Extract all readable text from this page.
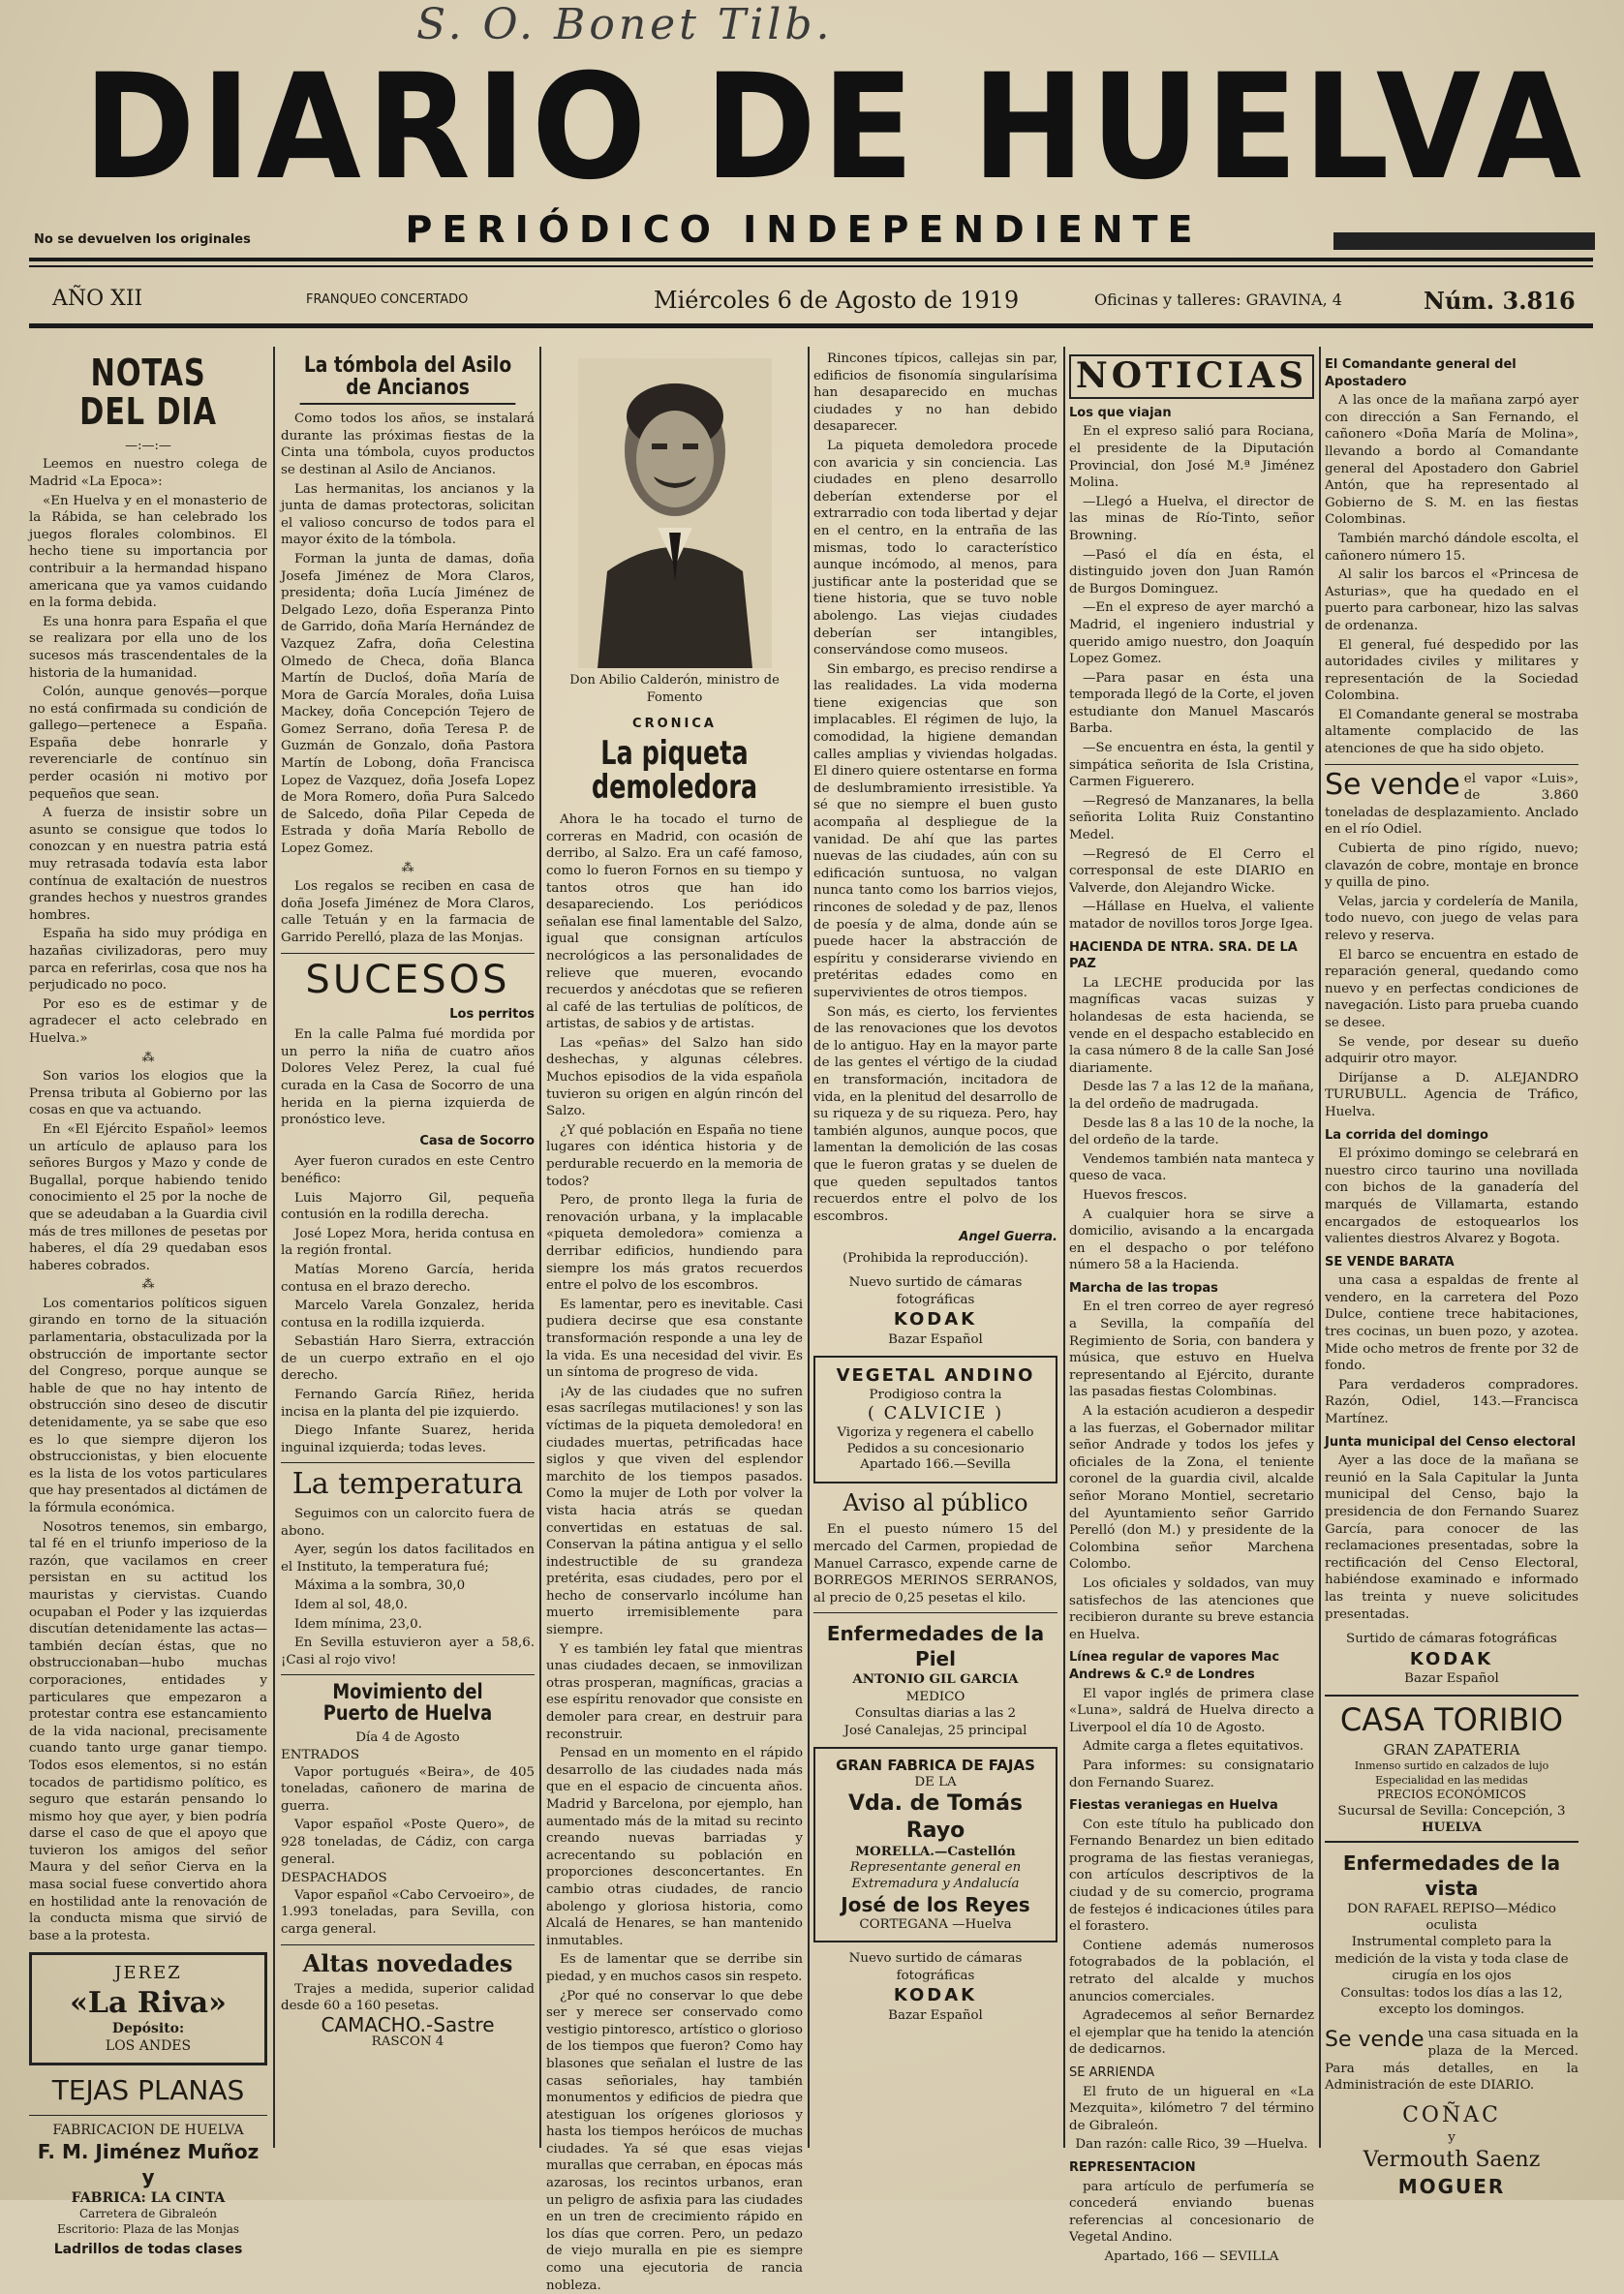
S. O. Bonet Tilb.
DIARIO DE HUELVA
No se devuelven los originales	PERIÓDICO INDEPENDIENTE
AÑO XII	FRANQUEO CONCERTADO	Miércoles 6 de Agosto de 1919	Oficinas y talleres: GRAVINA, 4	Núm. 3.816
NOTAS DEL DIA
—:—:—

Leemos en nuestro colega de Madrid «La Epoca»:

«En Huelva y en el monasterio de la Rábida, se han celebrado los juegos florales colombinos. El hecho tiene su importancia por contribuir a la hermandad hispano americana que ya vamos cuidando en la forma debida.

Es una honra para España el que se realizara por ella uno de los sucesos más trascendentales de la historia de la humanidad.

Colón, aunque genovés—porque no está confirmada su condición de gallego—pertenece a España. España debe honrarle y reverenciarle de contínuo sin perder ocasión ni motivo por pequeños que sean.

A fuerza de insistir sobre un asunto se consigue que todos lo conozcan y en nuestra patria está muy retrasada todavía esta labor contínua de exaltación de nuestros grandes hechos y nuestros grandes hombres.

España ha sido muy pródiga en hazañas civilizadoras, pero muy parca en referirlas, cosa que nos ha perjudicado no poco.

Por eso es de estimar y de agradecer el acto celebrado en Huelva.»

⁂

Son varios los elogios que la Prensa tributa al Gobierno por las cosas en que va actuando.

En «El Ejército Español» leemos un artículo de aplauso para los señores Burgos y Mazo y conde de Bugallal, porque habiendo tenido conocimiento el 25 por la noche de que se adeudaban a la Guardia civil más de tres millones de pesetas por haberes, el día 29 quedaban esos haberes cobrados.

⁂

Los comentarios políticos siguen girando en torno de la situación parlamentaria, obstaculizada por la obstrucción de importante sector del Congreso, porque aunque se hable de que no hay intento de obstrucción sino deseo de discutir detenidamente, ya se sabe que eso es lo que siempre dijeron los obstruccionistas, y bien elocuente es la lista de los votos particulares que hay presentados al dictámen de la fórmula económica.

Nosotros tenemos, sin embargo, tal fé en el triunfo imperioso de la razón, que vacilamos en creer persistan en su actitud los mauristas y ciervistas. Cuando ocupaban el Poder y las izquierdas discutían detenidamente las actas—también decían éstas, que no obstruccionaban—hubo muchas corporaciones, entidades y particulares que empezaron a protestar contra ese estancamiento de la vida nacional, precisamente cuando tanto urge ganar tiempo. Todos esos elementos, si no están tocados de partidismo político, es seguro que estarán pensando lo mismo hoy que ayer, y bien podría darse el caso de que el apoyo que tuvieron los amigos del señor Maura y del señor Cierva en la masa social fuese convertido ahora en hostilidad ante la renovación de la conducta misma que sirvió de base a la protesta.

JEREZ
«La Riva»
Depósito:
LOS ANDES
TEJAS PLANAS
FABRICACION DE HUELVA
F. M. Jiménez Muñoz y
FABRICA: LA CINTA
Carretera de Gibraleón
Escritorio: Plaza de las Monjas
Ladrillos de todas clases
La tómbola del Asilo de Ancianos

Como todos los años, se instalará durante las próximas fiestas de la Cinta una tómbola, cuyos productos se destinan al Asilo de Ancianos.

Las hermanitas, los ancianos y la junta de damas protectoras, solicitan el valioso concurso de todos para el mayor éxito de la tómbola.

Forman la junta de damas, doña Josefa Jiménez de Mora Claros, presidenta; doña Lucía Jiménez de Delgado Lezo, doña Esperanza Pinto de Garrido, doña María Hernández de Vazquez Zafra, doña Celestina Olmedo de Checa, doña Blanca Martín de Ducloś, doña María de Mora de García Morales, doña Luisa Mackey, doña Concepción Tejero de Gomez Serrano, doña Teresa P. de Guzmán de Gonzalo, doña Pastora Martín de Lobong, doña Francisca Lopez de Vazquez, doña Josefa Lopez de Mora Romero, doña Pura Salcedo de Salcedo, doña Pilar Cepeda de Estrada y doña María Rebollo de Lopez Gomez.

⁂

Los regalos se reciben en casa de doña Josefa Jiménez de Mora Claros, calle Tetuán y en la farmacia de Garrido Perelló, plaza de las Monjas.

SUCESOS
Los perritos

En la calle Palma fué mordida por un perro la niña de cuatro años Dolores Velez Perez, la cual fué curada en la Casa de Socorro de una herida en la pierna izquierda de pronóstico leve.

Casa de Socorro

Ayer fueron curados en este Centro benéfico:

Luis Majorro Gil, pequeña contusión en la rodilla derecha.

José Lopez Mora, herida contusa en la región frontal.

Matías Moreno García, herida contusa en el brazo derecho.

Marcelo Varela Gonzalez, herida contusa en la rodilla izquierda.

Sebastián Haro Sierra, extracción de un cuerpo extraño en el ojo derecho.

Fernando García Riñez, herida incisa en la planta del pie izquierdo.

Diego Infante Suarez, herida inguinal izquierda; todas leves.

La temperatura

Seguimos con un calorcito fuera de abono.

Ayer, según los datos facilitados en el Instituto, la temperatura fué;

Máxima a la sombra, 30,0

Idem al sol, 48,0.

Idem mínima, 23,0.

En Sevilla estuvieron ayer a 58,6. ¡Casi al rojo vivo!

Movimiento del Puerto de Huelva
Día 4 de Agosto
ENTRADOS

Vapor portugués «Beira», de 405 toneladas, cañonero de marina de guerra.

Vapor español «Poste Quero», de 928 toneladas, de Cádiz, con carga general.

DESPACHADOS

Vapor español «Cabo Cervoeiro», de 1.993 toneladas, para Sevilla, con carga general.

Altas novedades

Trajes a medida, superior calidad desde 60 a 160 pesetas.

CAMACHO.-Sastre
RASCON 4
Don Abilio Calderón, ministro de Fomento
CRONICA
La piqueta demoledora

Ahora le ha tocado el turno de correras en Madrid, con ocasión de derribo, al Salzo. Era un café famoso, como lo fueron Fornos en su tiempo y tantos otros que han ido desapareciendo. Los periódicos señalan ese final lamentable del Salzo, igual que consignan artículos necrológicos a las personalidades de relieve que mueren, evocando recuerdos y anécdotas que se refieren al café de las tertulias de políticos, de artistas, de sabios y de artistas.

Las «peñas» del Salzo han sido deshechas, y algunas célebres. Muchos episodios de la vida española tuvieron su origen en algún rincón del Salzo.

¿Y qué población en España no tiene lugares con idéntica historia y de perdurable recuerdo en la memoria de todos?

Pero, de pronto llega la furia de renovación urbana, y la implacable «piqueta demoledora» comienza a derribar edificios, hundiendo para siempre los más gratos recuerdos entre el polvo de los escombros.

Es lamentar, pero es inevitable. Casi pudiera decirse que esa constante transformación responde a una ley de la vida. Es una necesidad del vivir. Es un síntoma de progreso de vida.

¡Ay de las ciudades que no sufren esas sacrílegas mutilaciones! y son las víctimas de la piqueta demoledora! en ciudades muertas, petrificadas hace siglos y que viven del esplendor marchito de los tiempos pasados. Como la mujer de Loth por volver la vista hacia atrás se quedan convertidas en estatuas de sal. Conservan la pátina antigua y el sello indestructible de su grandeza pretérita, esas ciudades, pero por el hecho de conservarlo incólume han muerto irremisiblemente para siempre.

Y es también ley fatal que mientras unas ciudades decaen, se inmovilizan otras prosperan, magníficas, gracias a ese espíritu renovador que consiste en demoler para crear, en destruir para reconstruir.

Pensad en un momento en el rápido desarrollo de las ciudades nada más que en el espacio de cincuenta años. Madrid y Barcelona, por ejemplo, han aumentado más de la mitad su recinto creando nuevas barriadas y acrecentando su población en proporciones desconcertantes. En cambio otras ciudades, de rancio abolengo y gloriosa historia, como Alcalá de Henares, se han mantenido inmutables.

Es de lamentar que se derribe sin piedad, y en muchos casos sin respeto.

¿Por qué no conservar lo que debe ser y merece ser conservado como vestigio pintoresco, artístico o glorioso de los tiempos que fueron? Como hay blasones que señalan el lustre de las casas señoriales, hay también monumentos y edificios de piedra que atestiguan los orígenes gloriosos y hasta los tiempos heróicos de muchas ciudades. Ya sé que esas viejas murallas que cerraban, en épocas más azarosas, los recintos urbanos, eran un peligro de asfixia para las ciudades en un tren de crecimiento rápido en los días que corren. Pero, un pedazo de viejo muralla en pie es siempre como una ejecutoria de rancia nobleza.

Rincones típicos, callejas sin par, edificios de fisonomía singularísima han desaparecido en muchas ciudades y no han debido desaparecer.

La piqueta demoledora procede con avaricia y sin conciencia. Las ciudades en pleno desarrollo deberían extenderse por el extrarradio con toda libertad y dejar en el centro, en la entraña de las mismas, todo lo característico aunque incómodo, al menos, para justificar ante la posteridad que se tiene historia, que se tuvo noble abolengo. Las viejas ciudades deberían ser intangibles, conservándose como museos.

Sin embargo, es preciso rendirse a las realidades. La vida moderna tiene exigencias que son implacables. El régimen de lujo, la comodidad, la higiene demandan calles amplias y viviendas holgadas. El dinero quiere ostentarse en forma de deslumbramiento irresistible. Ya sé que no siempre el buen gusto acompaña al despliegue de la vanidad. De ahí que las partes nuevas de las ciudades, aún con su edificación suntuosa, no valgan nunca tanto como los barrios viejos, rincones de soledad y de paz, llenos de poesía y de alma, donde aún se puede hacer la abstracción de espíritu y considerarse viviendo en pretéritas edades como en supervivientes de otros tiempos.

Son más, es cierto, los fervientes de las renovaciones que los devotos de lo antiguo. Hay en la mayor parte de las gentes el vértigo de la ciudad en transformación, incitadora de vida, en la plenitud del desarrollo de su riqueza y de su riqueza. Pero, hay también algunos, aunque pocos, que lamentan la demolición de las cosas que le fueron gratas y se duelen de que queden sepultados tantos recuerdos entre el polvo de los escombros.

Angel Guerra.
(Prohibida la reproducción).
Nuevo surtido de cámaras fotográficas
KODAK
Bazar Español
VEGETAL ANDINO
Prodigioso contra la
( CALVICIE )
Vigoriza y regenera el cabello
Pedidos a su concesionario
Apartado 166.—Sevilla
Aviso al público

En el puesto número 15 del mercado del Carmen, propiedad de Manuel Carrasco, expende carne de BORREGOS MERINOS SERRANOS, al precio de 0,25 pesetas el kilo.

Enfermedades de la Piel
ANTONIO GIL GARCIA
MEDICO
Consultas diarias a las 2
José Canalejas, 25 principal
GRAN FABRICA DE FAJAS
DE LA
Vda. de Tomás Rayo
MORELLA.—Castellón
Representante general en Extremadura y Andalucía
José de los Reyes
CORTEGANA —Huelva
Nuevo surtido de cámaras fotográficas
KODAK
Bazar Español
NOTICIAS
Los que viajan

En el expreso salió para Rociana, el presidente de la Diputación Provincial, don José M.ª Jiménez Molina.

—Llegó a Huelva, el director de las minas de Río-Tinto, señor Browning.

—Pasó el día en ésta, el distinguido joven don Juan Ramón de Burgos Dominguez.

—En el expreso de ayer marchó a Madrid, el ingeniero industrial y querido amigo nuestro, don Joaquín Lopez Gomez.

—Para pasar en ésta una temporada llegó de la Corte, el joven estudiante don Manuel Mascarós Barba.

—Se encuentra en ésta, la gentil y simpática señorita de Isla Cristina, Carmen Figuerero.

—Regresó de Manzanares, la bella señorita Lolita Ruiz Constantino Medel.

—Regresó de El Cerro el corresponsal de este DIARIO en Valverde, don Alejandro Wicke.

—Hállase en Huelva, el valiente matador de novillos toros Jorge Igea.

HACIENDA DE NTRA. SRA. DE LA PAZ

La LECHE producida por las magníficas vacas suizas y holandesas de esta hacienda, se vende en el despacho establecido en la casa número 8 de la calle San José diariamente.

Desde las 7 a las 12 de la mañana, la del ordeño de madrugada.

Desde las 8 a las 10 de la noche, la del ordeño de la tarde.

Vendemos también nata mantecа y queso de vaca.

Huevos frescos.

A cualquier hora se sirve a domicilio, avisando a la encargada en el despacho o por teléfono número 58 a la Hacienda.

Marcha de las tropas

En el tren correo de ayer regresó a Sevilla, la compañía del Regimiento de Soria, con bandera y música, que estuvo en Huelva representando al Ejército, durante las pasadas fiestas Colombinas.

A la estación acudieron a despedir a las fuerzas, el Gobernador militar señor Andrade y todos los jefes y oficiales de la Zona, el teniente coronel de la guardia civil, alcalde señor Morano Montiel, secretario del Ayuntamiento señor Garrido Perelló (don M.) y presidente de la Colombina señor Marchena Colombo.

Los oficiales y soldados, van muy satisfechos de las atenciones que recibieron durante su breve estancia en Huelva.

Línea regular de vapores Mac Andrews & C.º de Londres

El vapor inglés de primera clase «Luna», saldrá de Huelva directo a Liverpool el día 10 de Agosto.

Admite carga a fletes equitativos.

Para informes: su consignatario don Fernando Suarez.

Fiestas veraniegas en Huelva

Con este título ha publicado don Fernando Benardez un bien editado programa de las fiestas veraniegas, con artículos descriptivos de la ciudad y de su comercio, programa de festejos é indicaciones útiles para el forastero.

Contiene además numerosos fotograbados de la población, el retrato del alcalde y muchos anuncios comerciales.

Agradecemos al señor Bernardez el ejemplar que ha tenido la atención de dedicarnos.

SE ARRIENDA

El fruto de un higueral en «La Mezquita», kilómetro 7 del término de Gibraleón.

Dan razón: calle Rico, 39 —Huelva.
REPRESENTACION

para artículo de perfumería se concederá enviando buenas referencias al concesionario de Vegetal Andino.

Apartado, 166 — SEVILLA
El Comandante general del Apostadero

A las once de la mañana zarpó ayer con dirección a San Fernando, el cañonero «Doña María de Molina», llevando a bordo al Comandante general del Apostadero don Gabriel Antón, que ha representado al Gobierno de S. M. en las fiestas Colombinas.

También marchó dándole escolta, el cañonero número 15.

Al salir los barcos el «Princesa de Asturias», que ha quedado en el puerto para carbonear, hizo las salvas de ordenanza.

El general, fué despedido por las autoridades civiles y militares y representación de la Sociedad Colombina.

El Comandante general se mostraba altamente complacido de las atenciones de que ha sido objeto.

Se vende el vapor «Luis», de 3.860 toneladas de desplazamiento. Anclado en el río Odiel.

Cubierta de pino rígido, nuevo; clavazón de cobre, montaje en bronce y quilla de pino.

Velas, jarcia y cordelería de Manila, todo nuevo, con juego de velas para relevo y reserva.

El barco se encuentra en estado de reparación general, quedando como nuevo y en perfectas condiciones de navegación. Listo para prueba cuando se desee.

Se vende, por desear su dueño adquirir otro mayor.

Diríjanse a D. ALEJANDRO TURUBULL. Agencia de Tráfico, Huelva.

La corrida del domingo

El próximo domingo se celebrará en nuestro circo taurino una novillada con bichos de la ganadería del marqués de Villamarta, estando encargados de estoquearlos los valientes diestros Alvarez y Bogota.

SE VENDE BARATA

una casa a espaldas de frente al vendero, en la carretera del Pozo Dulce, contiene trece habitaciones, tres cocinas, un buen pozo, y azotea. Mide ocho metros de frente por 32 de fondo.

Para verdaderos compradores. Razón, Odiel, 143.—Francisca Martínez.

Junta municipal del Censo electoral

Ayer a las doce de la mañana se reunió en la Sala Capitular la Junta municipal del Censo, bajo la presidencia de don Fernando Suarez García, para conocer de las reclamaciones presentadas, sobre la rectificación del Censo Electoral, habiéndose examinado e informado las treinta y nueve solicitudes presentadas.

Surtido de cámaras fotográficas
KODAK
Bazar Español
CASA TORIBIO
GRAN ZAPATERIA
Inmenso surtido en calzados de lujo
Especialidad en las medidas
PRECIOS ECONÓMICOS
Sucursal de Sevilla: Concepción, 3
HUELVA
Enfermedades de la vista
DON RAFAEL REPISO—Médico oculista
Instrumental completo para la medición de la vista y toda clase de cirugía en los ojos
Consultas: todos los días a las 12, excepto los domingos.
Se vende una casa situada en la plaza de la Merced. Para más detalles, en la Administración de este DIARIO.

COÑAC
y
Vermouth Saenz
MOGUER
